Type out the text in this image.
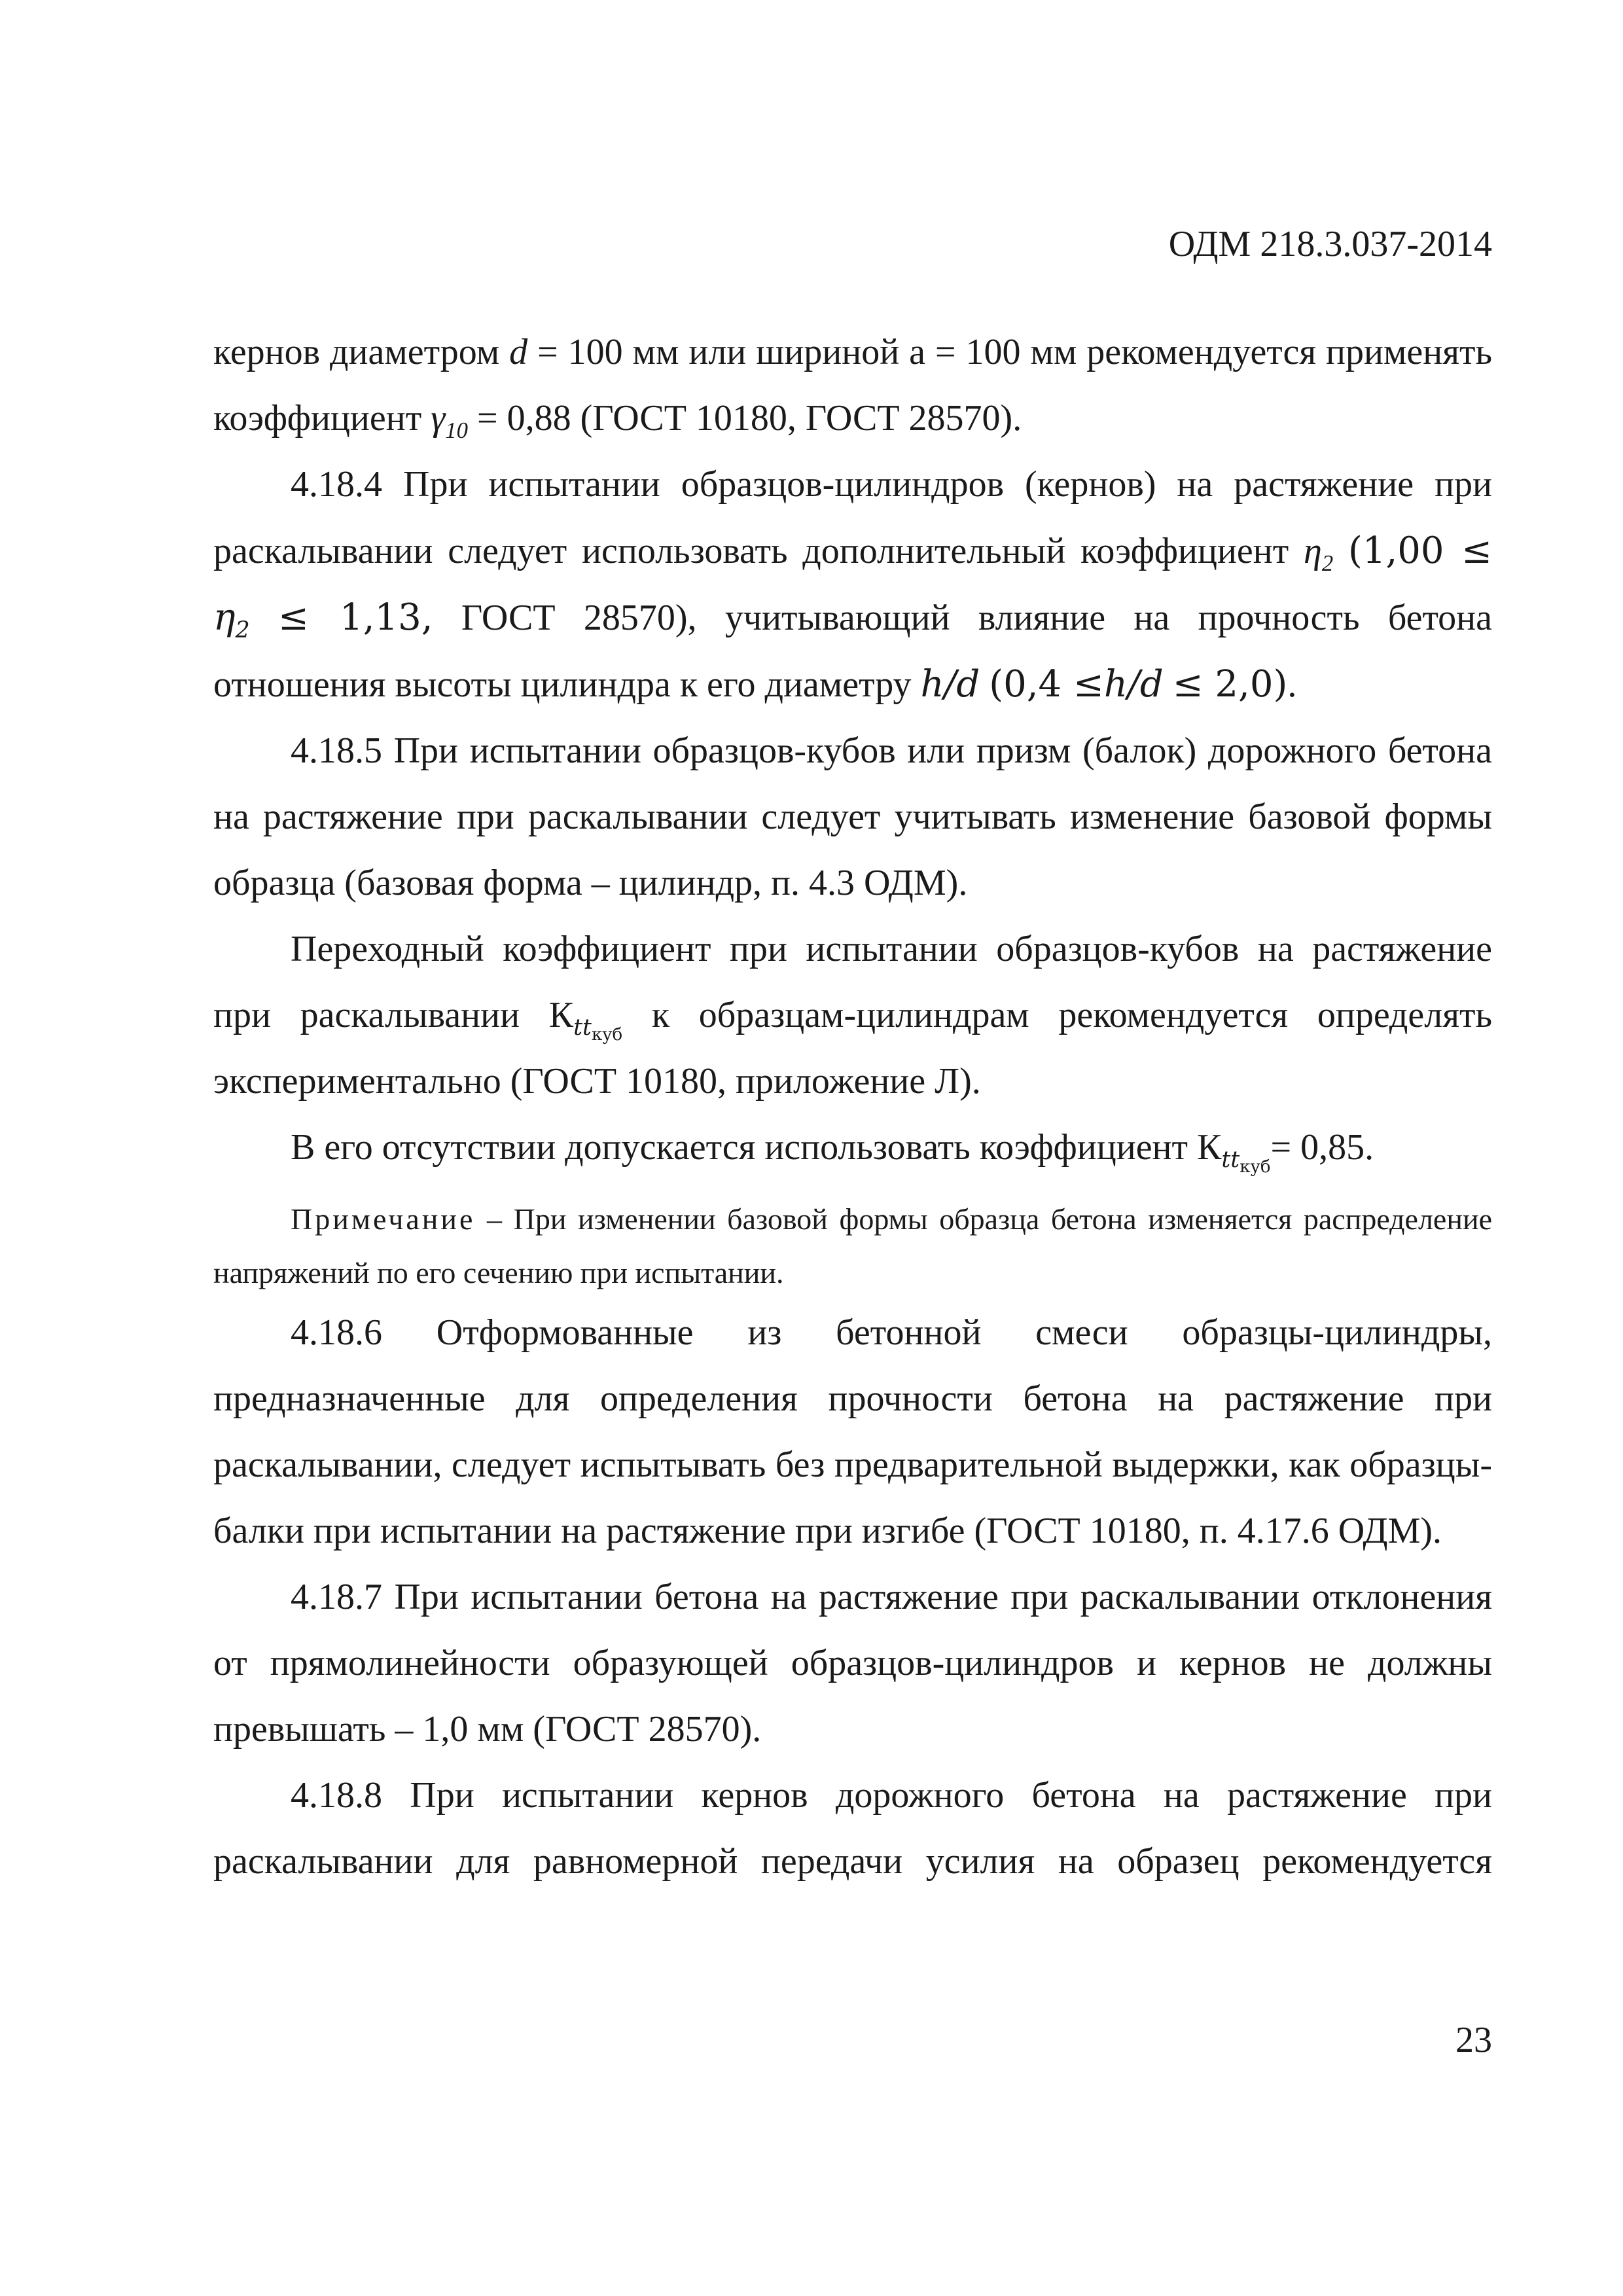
ОДМ 218.3.037-2014

кернов диаметром d = 100 мм или шириной а = 100 мм рекомендуется применять коэффициент $\gamma_{10} = 0,88$ (ГОСТ 10180, ГОСТ 28570).

4.18.4 При испытании образцов-цилиндров (кернов) на растяжение при раскалывании следует использовать дополнительный коэффициент $\eta_2$ ($1,00 \le \eta_2 \le 1,13$, ГОСТ 28570), учитывающий влияние на прочность бетона отношения высоты цилиндра к его диаметру h/d (0,4 ≤h/d ≤ 2,0).

4.18.5 При испытании образцов-кубов или призм (балок) дорожного бетона на растяжение при раскалывании следует учитывать изменение базовой формы образца (базовая форма – цилиндр, п. 4.3 ОДМ).

Переходный коэффициент при испытании образцов-кубов на растяжение при раскалывании $К_{tt_{куб}}$ к образцам-цилиндрам рекомендуется определять экспериментально (ГОСТ 10180, приложение Л).

В его отсутствии допускается использовать коэффициент $К_{tt_{куб}}= 0,85$.

Примечание – При изменении базовой формы образца бетона изменяется распределение напряжений по его сечению при испытании.

4.18.6 Отформованные из бетонной смеси образцы-цилиндры, предназначенные для определения прочности бетона на растяжение при раскалывании, следует испытывать без предварительной выдержки, как образцы-балки при испытании на растяжение при изгибе (ГОСТ 10180, п. 4.17.6 ОДМ).

4.18.7 При испытании бетона на растяжение при раскалывании отклонения от прямолинейности образующей образцов-цилиндров и кернов не должны превышать – 1,0 мм (ГОСТ 28570).

4.18.8 При испытании кернов дорожного бетона на растяжение при раскалывании для равномерной передачи усилия на образец рекомендуется

23
